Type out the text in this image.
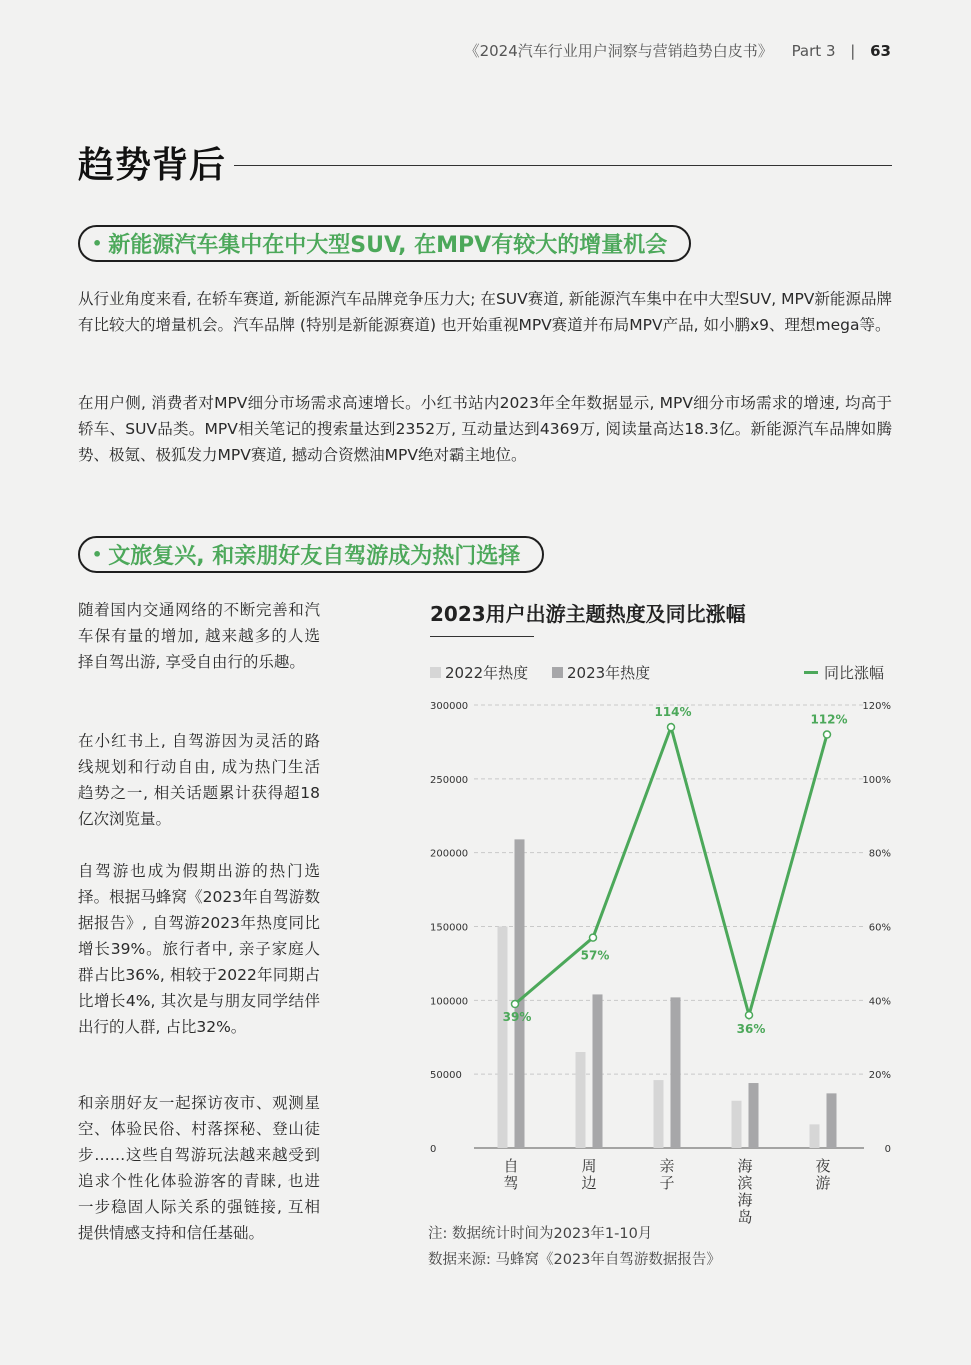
《2024汽车行业用户洞察与营销趋势白皮书》 Part 3 | 63
趋势背后
• 新能源汽车集中在中大型SUV, 在MPV有较大的增量机会

从行业角度来看, 在轿车赛道, 新能源汽车品牌竞争压力大; 在SUV赛道, 新能源汽车集中在中大型SUV, MPV新能源品牌有比较大的增量机会。汽车品牌 (特别是新能源赛道) 也开始重视MPV赛道并布局MPV产品, 如小鹏x9、理想mega等。

在用户侧, 消费者对MPV细分市场需求高速增长。小红书站内2023年全年数据显示, MPV细分市场需求的增速, 均高于轿车、SUV品类。MPV相关笔记的搜索量达到2352万, 互动量达到4369万, 阅读量高达18.3亿。新能源汽车品牌如腾势、极氪、极狐发力MPV赛道, 撼动合资燃油MPV绝对霸主地位。

• 文旅复兴, 和亲朋好友自驾游成为热门选择

随着国内交通网络的不断完善和汽车保有量的增加, 越来越多的人选择自驾出游, 享受自由行的乐趣。

在小红书上, 自驾游因为灵活的路线规划和行动自由, 成为热门生活趋势之一, 相关话题累计获得超18亿次浏览量。

自驾游也成为假期出游的热门选择。根据马蜂窝《2023年自驾游数据报告》, 自驾游2023年热度同比增长39%。旅行者中, 亲子家庭人群占比36%, 相较于2022年同期占比增长4%, 其次是与朋友同学结伴出行的人群, 占比32%。

和亲朋好友一起探访夜市、观测星空、体验民俗、村落探秘、登山徒步……这些自驾游玩法越来越受到追求个性化体验游客的青睐, 也进一步稳固人际关系的强链接, 互相提供情感支持和信任基础。

2023用户出游主题热度及同比涨幅
2022年热度	2023年热度	同比涨幅
0
50000
100000
150000
200000
250000
300000
0
20%
40%
60%
80%
100%
120%
自
驾
周
边
亲
子
海
滨
海
岛
夜
游
39%
57%
114%
36%
112%
注: 数据统计时间为2023年1-10月
数据来源: 马蜂窝《2023年自驾游数据报告》
